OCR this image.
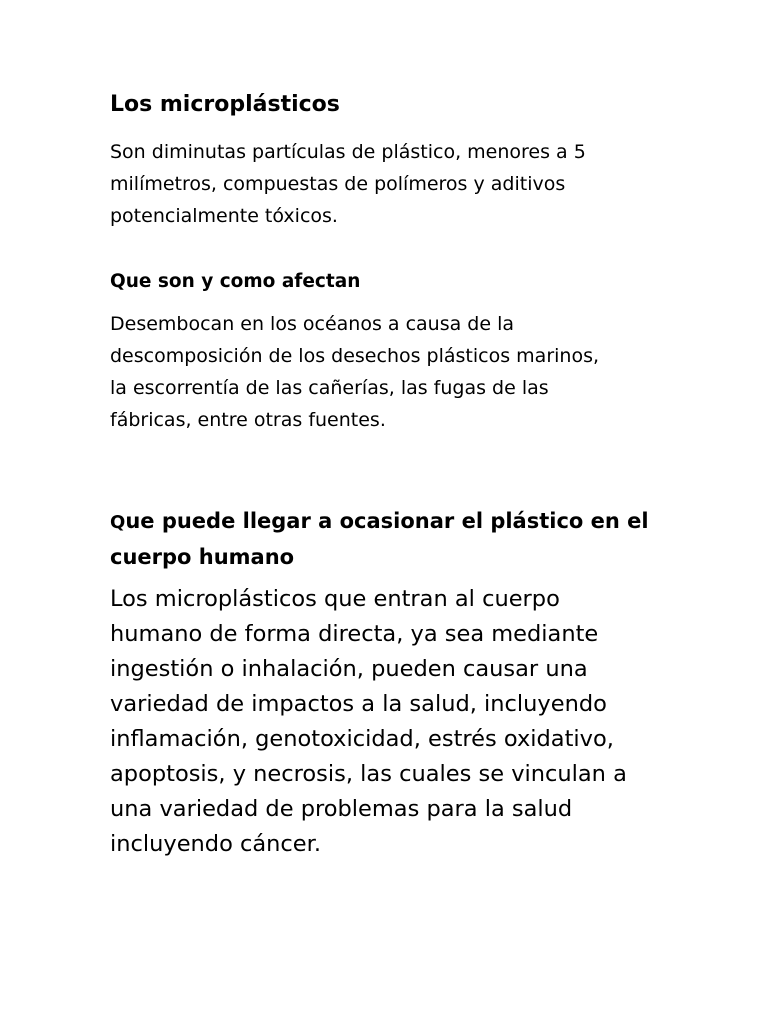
Los microplásticos

Son diminutas partículas de plástico, menores a 5
milímetros, compuestas de polímeros y aditivos
potencialmente tóxicos.

Que son y como afectan

Desembocan en los océanos a causa de la
descomposición de los desechos plásticos marinos,
la escorrentía de las cañerías, las fugas de las
fábricas, entre otras fuentes.

Que puede llegar a ocasionar el plástico en el
cuerpo humano

Los microplásticos que entran al cuerpo
humano de forma directa, ya sea mediante
ingestión o inhalación, pueden causar una
variedad de impactos a la salud, incluyendo
inflamación, genotoxicidad, estrés oxidativo,
apoptosis, y necrosis, las cuales se vinculan a
una variedad de problemas para la salud
incluyendo cáncer.
